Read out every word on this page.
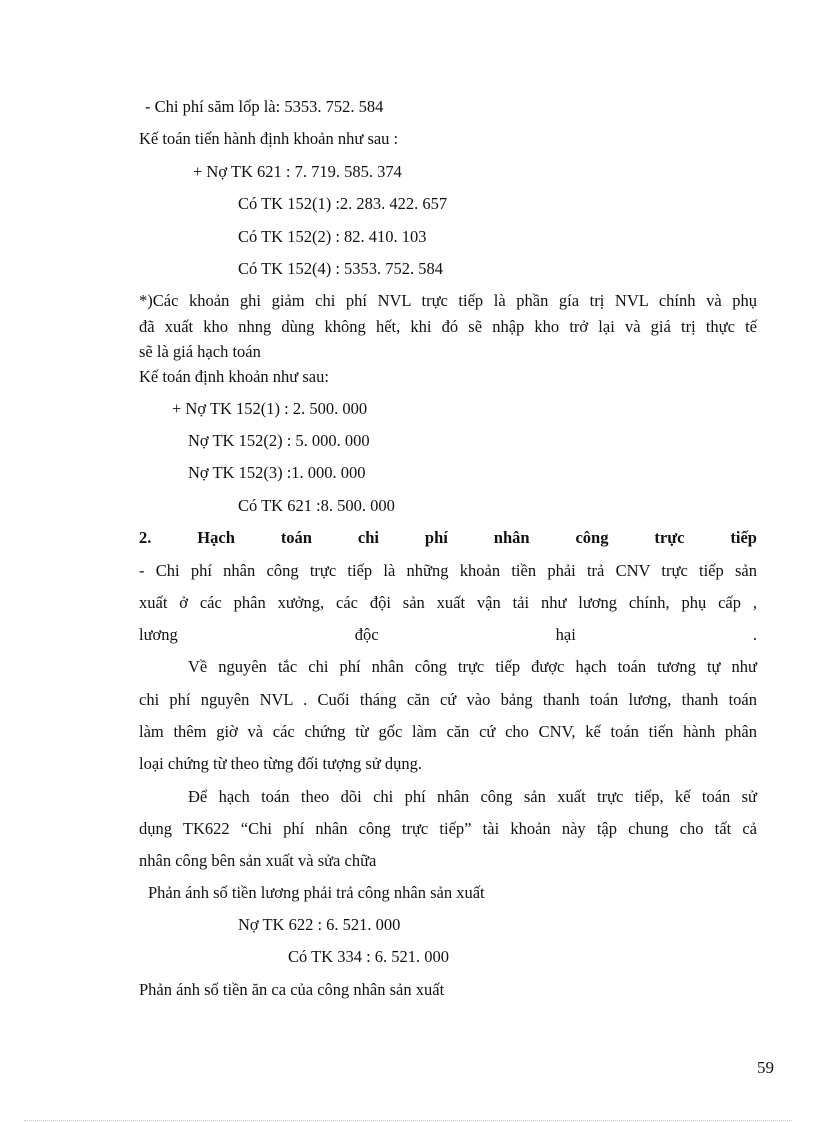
- Chi phí săm lốp là: 5353. 752. 584
Kế toán tiến hành định khoản như sau :
+ Nợ TK 621 : 7. 719. 585. 374
Có TK 152(1) :2. 283. 422. 657
Có TK 152(2) : 82. 410. 103
Có TK 152(4) : 5353. 752. 584
*)Các khoản ghi giảm chi phí NVL trực tiếp là phần gía trị NVL chính và phụ
đã xuất kho nhng dùng không hết, khi đó sẽ nhập kho trở lại và giá trị thực tế
sẽ là giá hạch toán
Kế toán định khoản như sau:
+ Nợ TK 152(1) : 2. 500. 000
Nợ TK 152(2) : 5. 000. 000
Nợ TK 152(3) :1. 000. 000
Có TK 621 :8. 500. 000
2.	Hạch	toán	chi	phí	nhân	công	trực	tiếp
- Chi phí nhân công trực tiếp là những khoản tiền phải trả CNV trực tiếp sản
xuất ở các phân xưởng, các đội sản xuất vận tải như lương chính, phụ cấp ,
lương	độc	hại	.
Về nguyên tắc chi phí nhân công trực tiếp được hạch toán tương tự như
chi phí nguyên NVL . Cuối tháng căn cứ vào bảng thanh toán lương, thanh toán
làm thêm giờ và các chứng từ gốc làm căn cứ cho CNV, kế toán tiến hành phân
loại chứng từ theo từng đối tượng sử dụng.
Để hạch toán theo dõi chi phí nhân công sản xuất trực tiếp, kế toán sử
dụng TK622 “Chi phí nhân công trực tiếp” tài khoản này tập chung cho tất cả
nhân công bên sản xuất và sửa chữa
Phản ánh số tiền lương phải trả công nhân sản xuất
Nợ TK 622 : 6. 521. 000
Có TK 334 : 6. 521. 000
Phản ánh số tiền ăn ca của công nhân sản xuất
59
